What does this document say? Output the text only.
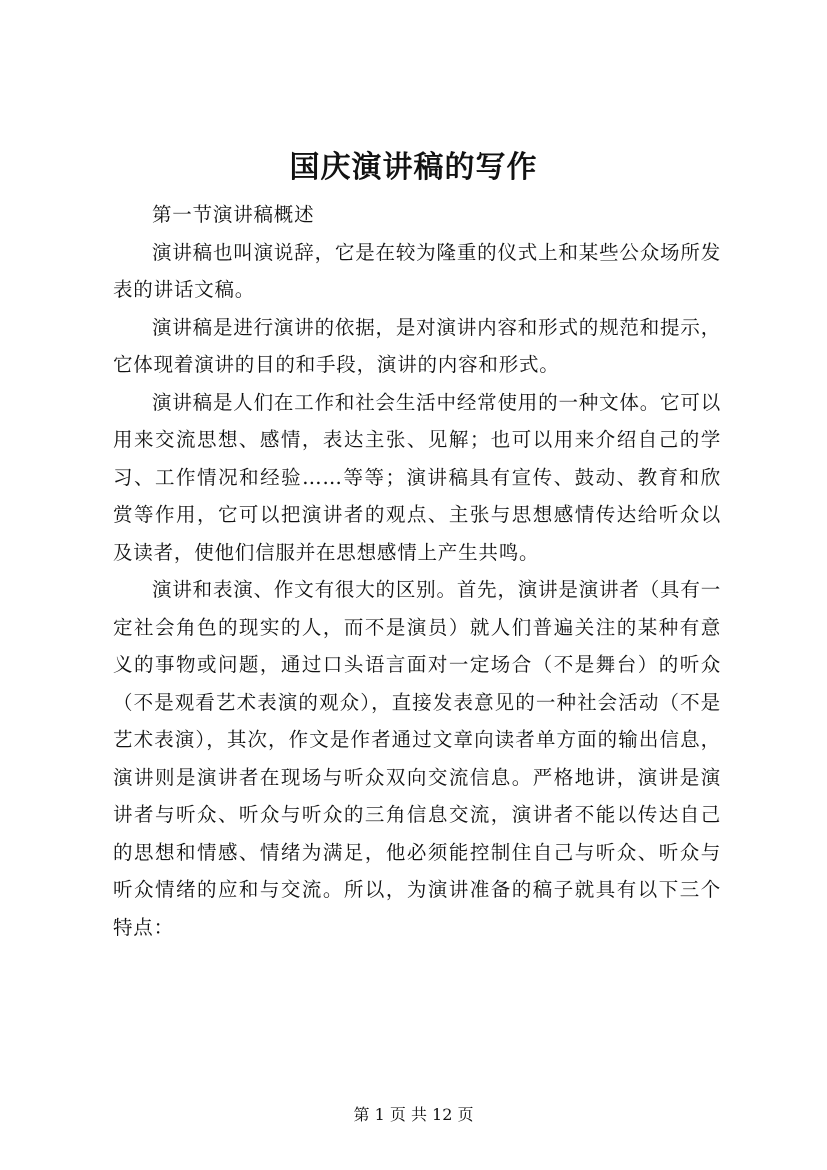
国庆演讲稿的写作

第一节演讲稿概述

演讲稿也叫演说辞，它是在较为隆重的仪式上和某些公众场所发表的讲话文稿。

演讲稿是进行演讲的依据，是对演讲内容和形式的规范和提示，它体现着演讲的目的和手段，演讲的内容和形式。

演讲稿是人们在工作和社会生活中经常使用的一种文体。它可以用来交流思想、感情，表达主张、见解；也可以用来介绍自己的学习、工作情况和经验……等等；演讲稿具有宣传、鼓动、教育和欣赏等作用，它可以把演讲者的观点、主张与思想感情传达给听众以及读者，使他们信服并在思想感情上产生共鸣。

演讲和表演、作文有很大的区别。首先，演讲是演讲者（具有一定社会角色的现实的人，而不是演员）就人们普遍关注的某种有意义的事物或问题，通过口头语言面对一定场合（不是舞台）的听众（不是观看艺术表演的观众），直接发表意见的一种社会活动（不是艺术表演），其次，作文是作者通过文章向读者单方面的输出信息，演讲则是演讲者在现场与听众双向交流信息。严格地讲，演讲是演讲者与听众、听众与听众的三角信息交流，演讲者不能以传达自己的思想和情感、情绪为满足，他必须能控制住自己与听众、听众与听众情绪的应和与交流。所以，为演讲准备的稿子就具有以下三个特点：

第 1 页 共 12 页
